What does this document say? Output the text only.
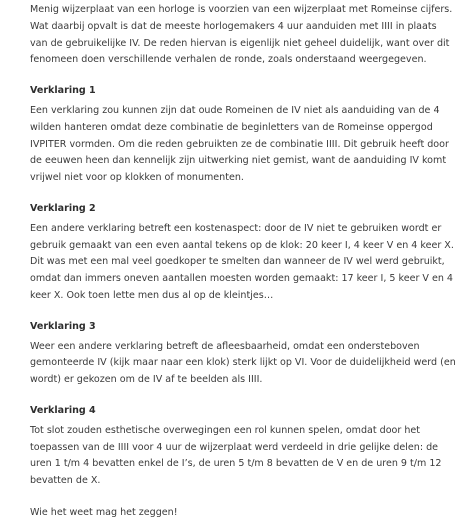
Menig wijzerplaat van een horloge is voorzien van een wijzerplaat met Romeinse cijfers. Wat daarbij opvalt is dat de meeste horlogemakers 4 uur aanduiden met IIII in plaats van de gebruikelijke IV. De reden hiervan is eigenlijk niet geheel duidelijk, want over dit fenomeen doen verschillende verhalen de ronde, zoals onderstaand weergegeven.

Verklaring 1

Een verklaring zou kunnen zijn dat oude Romeinen de IV niet als aanduiding van de 4 wilden hanteren omdat deze combinatie de beginletters van de Romeinse oppergod IVPITER vormden. Om die reden gebruikten ze de combinatie IIII. Dit gebruik heeft door de eeuwen heen dan kennelijk zijn uitwerking niet gemist, want de aanduiding IV komt vrijwel niet voor op klokken of monumenten.

Verklaring 2

Een andere verklaring betreft een kostenaspect: door de IV niet te gebruiken wordt er gebruik gemaakt van een even aantal tekens op de klok: 20 keer I, 4 keer V en 4 keer X. Dit was met een mal veel goedkoper te smelten dan wanneer de IV wel werd gebruikt, omdat dan immers oneven aantallen moesten worden gemaakt: 17 keer I, 5 keer V en 4 keer X. Ook toen lette men dus al op de kleintjes…

Verklaring 3

Weer een andere verklaring betreft de afleesbaarheid, omdat een ondersteboven gemonteerde IV (kijk maar naar een klok) sterk lijkt op VI. Voor de duidelijkheid werd (en wordt) er gekozen om de IV af te beelden als IIII.

Verklaring 4

Tot slot zouden esthetische overwegingen een rol kunnen spelen, omdat door het toepassen van de IIII voor 4 uur de wijzerplaat werd verdeeld in drie gelijke delen: de uren 1 t/m 4 bevatten enkel de I’s, de uren 5 t/m 8 bevatten de V en de uren 9 t/m 12 bevatten de X.

Wie het weet mag het zeggen!
